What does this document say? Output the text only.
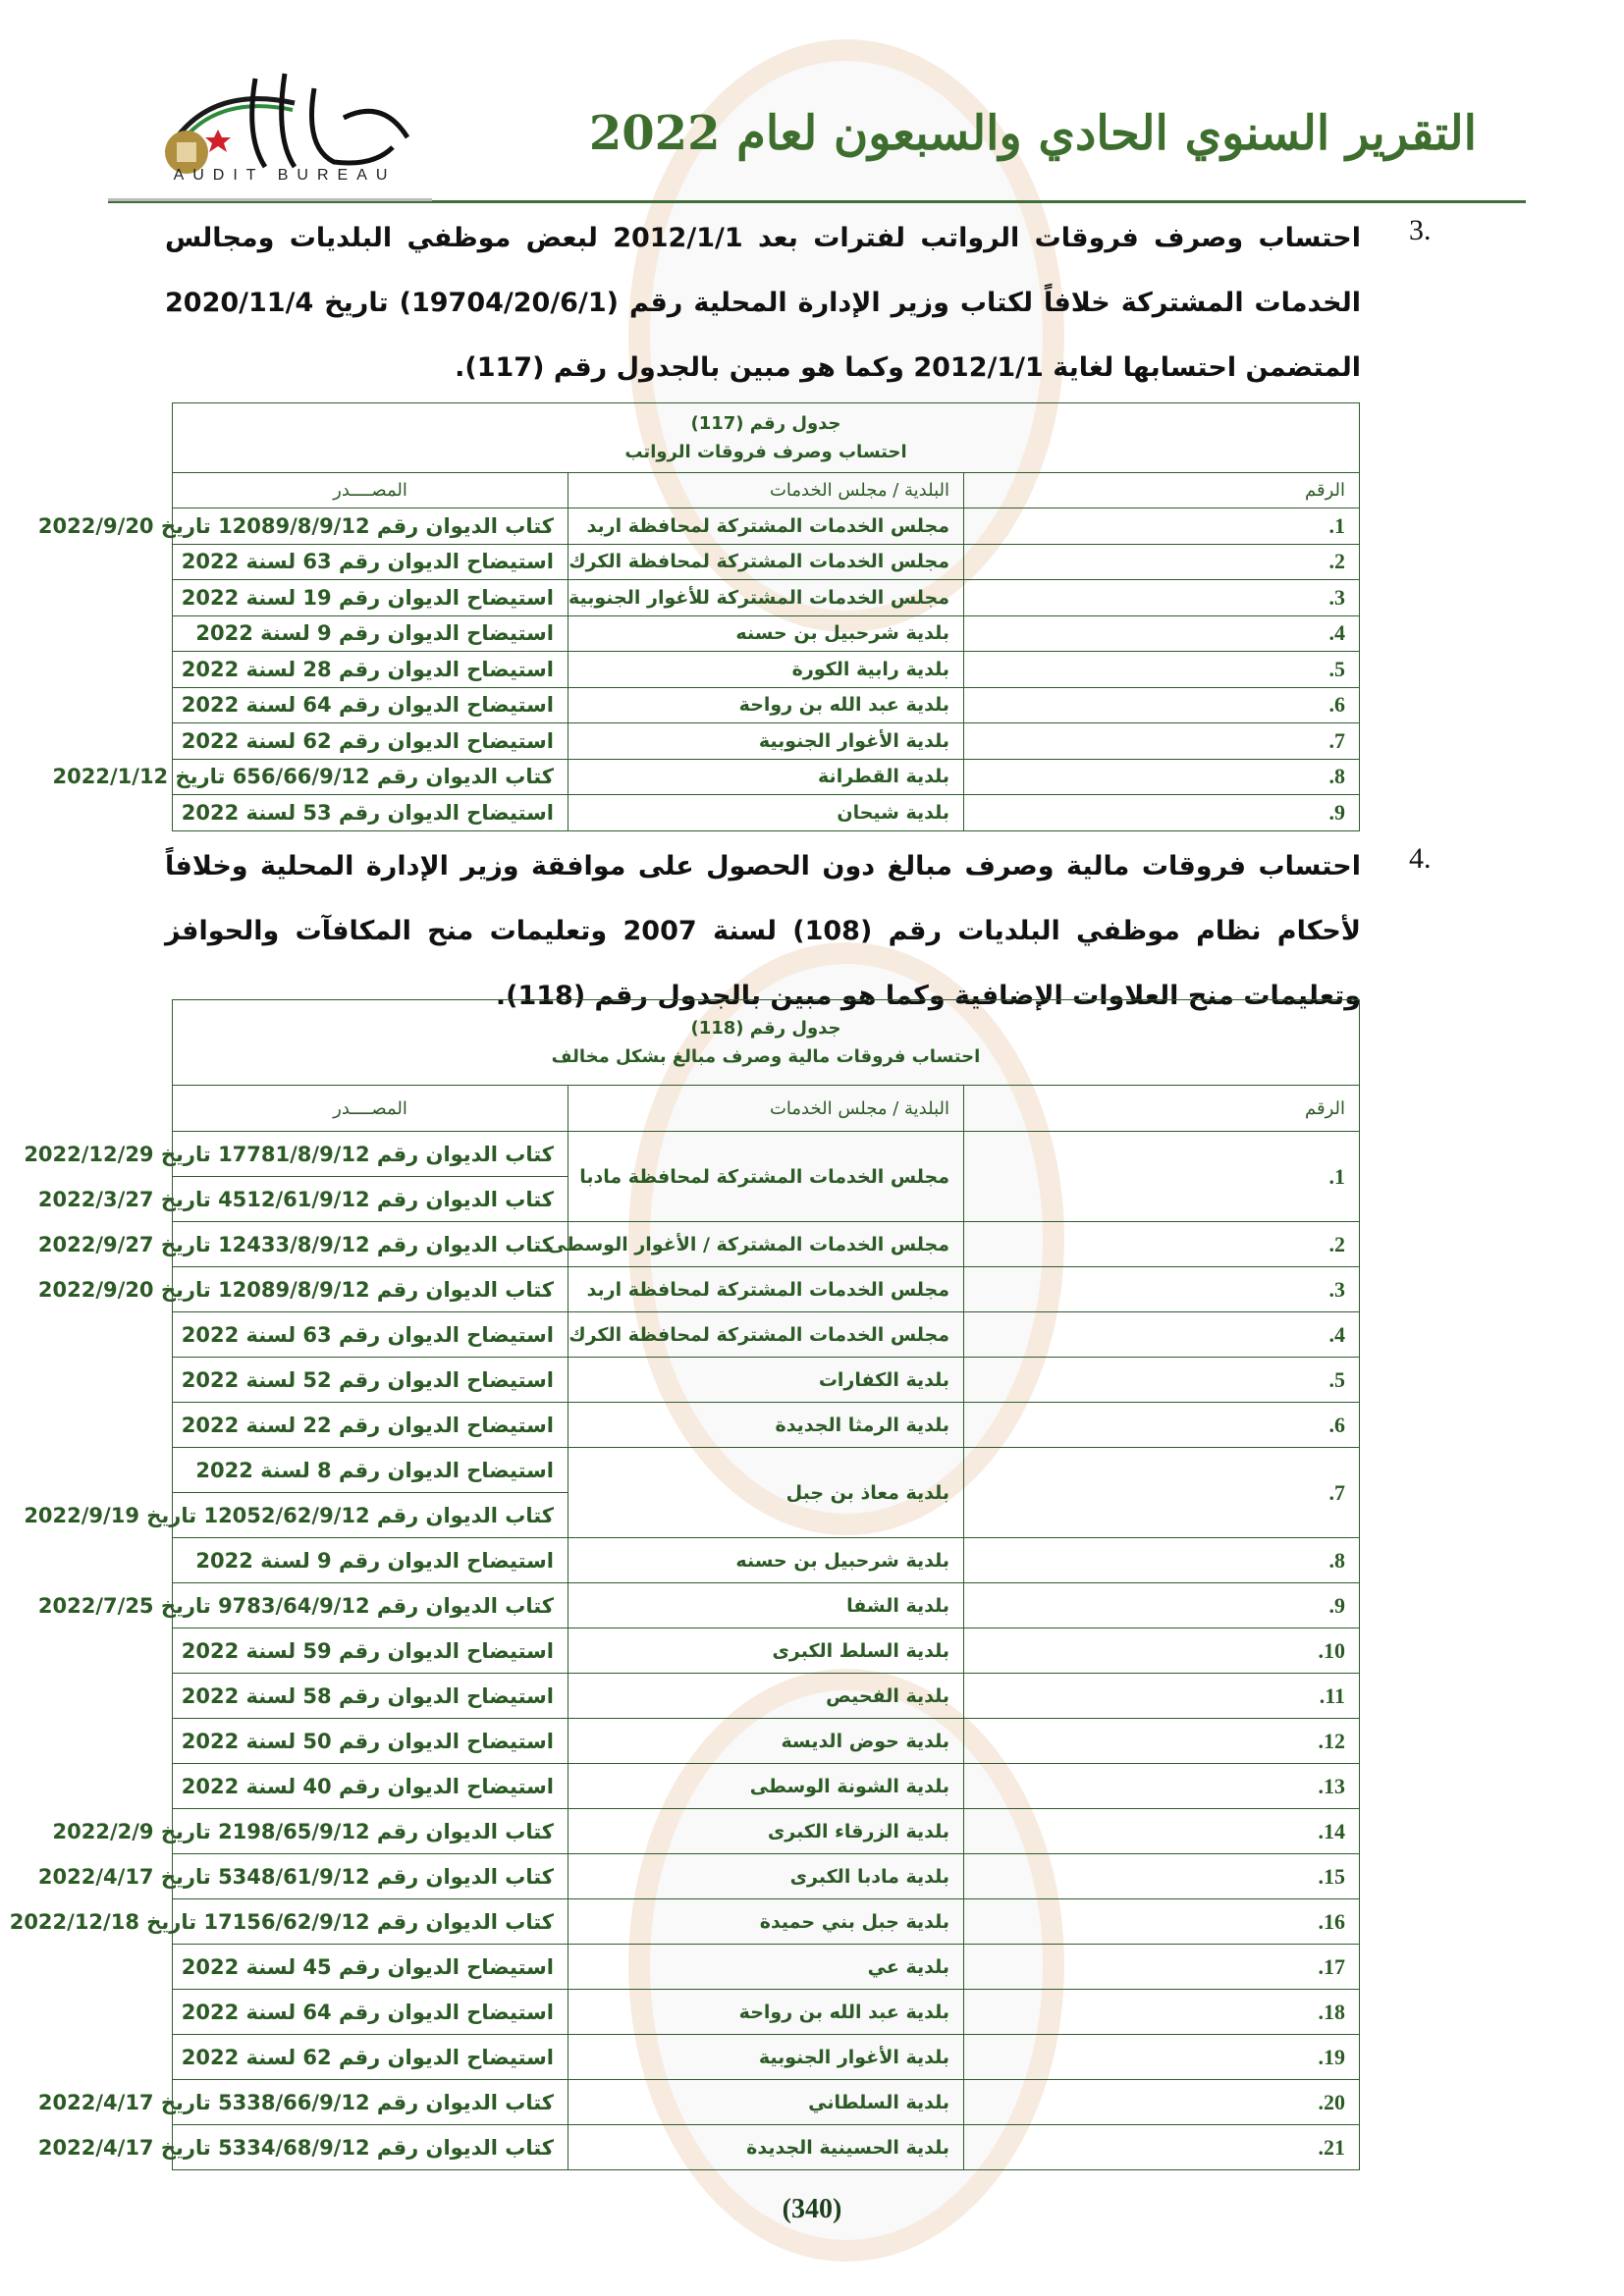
التقرير السنوي الحادي والسبعون لعام 2022
AUDIT BUREAU
3.
احتساب وصرف فروقات الرواتب لفترات بعد 2012/1/1 لبعض موظفي البلديات ومجالس الخدمات المشتركة خلافاً لكتاب وزير الإدارة المحلية رقم (19704/20/6/1) تاريخ 2020/11/4 المتضمن احتسابها لغاية 2012/1/1 وكما هو مبين بالجدول رقم (117).
جدول رقم (117)
احتساب وصرف فروقات الرواتب		

الرقم	البلدية / مجلس الخدمات	المصــــدر
1.	مجلس الخدمات المشتركة لمحافظة اربد	كتاب الديوان رقم 12089/8/9/12 تاريخ 2022/9/20
2.	مجلس الخدمات المشتركة لمحافظة الكرك	استيضاح الديوان رقم 63 لسنة 2022
3.	مجلس الخدمات المشتركة للأغوار الجنوبية	استيضاح الديوان رقم 19 لسنة 2022
4.	بلدية شرحبيل بن حسنه	استيضاح الديوان رقم 9 لسنة 2022
5.	بلدية رابية الكورة	استيضاح الديوان رقم 28 لسنة 2022
6.	بلدية عبد الله بن رواحة	استيضاح الديوان رقم 64 لسنة 2022
7.	بلدية الأغوار الجنوبية	استيضاح الديوان رقم 62 لسنة 2022
8.	بلدية القطرانة	كتاب الديوان رقم 656/66/9/12 تاريخ 2022/1/12
9.	بلدية شيحان	استيضاح الديوان رقم 53 لسنة 2022
4.
احتساب فروقات مالية وصرف مبالغ دون الحصول على موافقة وزير الإدارة المحلية وخلافاً لأحكام نظام موظفي البلديات رقم (108) لسنة 2007 وتعليمات منح المكافآت والحوافز وتعليمات منح العلاوات الإضافية وكما هو مبين بالجدول رقم (118).
جدول رقم (118)
احتساب فروقات مالية وصرف مبالغ بشكل مخالف		

الرقم	البلدية / مجلس الخدمات	المصــــدر
1.	مجلس الخدمات المشتركة لمحافظة مادبا	كتاب الديوان رقم 17781/8/9/12 تاريخ 2022/12/29
		كتاب الديوان رقم 4512/61/9/12 تاريخ 2022/3/27
2.	مجلس الخدمات المشتركة / الأغوار الوسطى	كتاب الديوان رقم 12433/8/9/12 تاريخ 2022/9/27
3.	مجلس الخدمات المشتركة لمحافظة اربد	كتاب الديوان رقم 12089/8/9/12 تاريخ 2022/9/20
4.	مجلس الخدمات المشتركة لمحافظة الكرك	استيضاح الديوان رقم 63 لسنة 2022
5.	بلدية الكفارات	استيضاح الديوان رقم 52 لسنة 2022
6.	بلدية الرمثا الجديدة	استيضاح الديوان رقم 22 لسنة 2022
7.	بلدية معاذ بن جبل	استيضاح الديوان رقم 8 لسنة 2022
		كتاب الديوان رقم 12052/62/9/12 تاريخ 2022/9/19
8.	بلدية شرحبيل بن حسنه	استيضاح الديوان رقم 9 لسنة 2022
9.	بلدية الشفا	كتاب الديوان رقم 9783/64/9/12 تاريخ 2022/7/25
10.	بلدية السلط الكبرى	استيضاح الديوان رقم 59 لسنة 2022
11.	بلدية الفحيص	استيضاح الديوان رقم 58 لسنة 2022
12.	بلدية حوض الديسة	استيضاح الديوان رقم 50 لسنة 2022
13.	بلدية الشونة الوسطى	استيضاح الديوان رقم 40 لسنة 2022
14.	بلدية الزرقاء الكبرى	كتاب الديوان رقم 2198/65/9/12 تاريخ 2022/2/9
15.	بلدية مادبا الكبرى	كتاب الديوان رقم 5348/61/9/12 تاريخ 2022/4/17
16.	بلدية جبل بني حميدة	كتاب الديوان رقم 17156/62/9/12 تاريخ 2022/12/18
17.	بلدية عي	استيضاح الديوان رقم 45 لسنة 2022
18.	بلدية عبد الله بن رواحة	استيضاح الديوان رقم 64 لسنة 2022
19.	بلدية الأغوار الجنوبية	استيضاح الديوان رقم 62 لسنة 2022
20.	بلدية السلطاني	كتاب الديوان رقم 5338/66/9/12 تاريخ 2022/4/17
21.	بلدية الحسينية الجديدة	كتاب الديوان رقم 5334/68/9/12 تاريخ 2022/4/17
(340)
